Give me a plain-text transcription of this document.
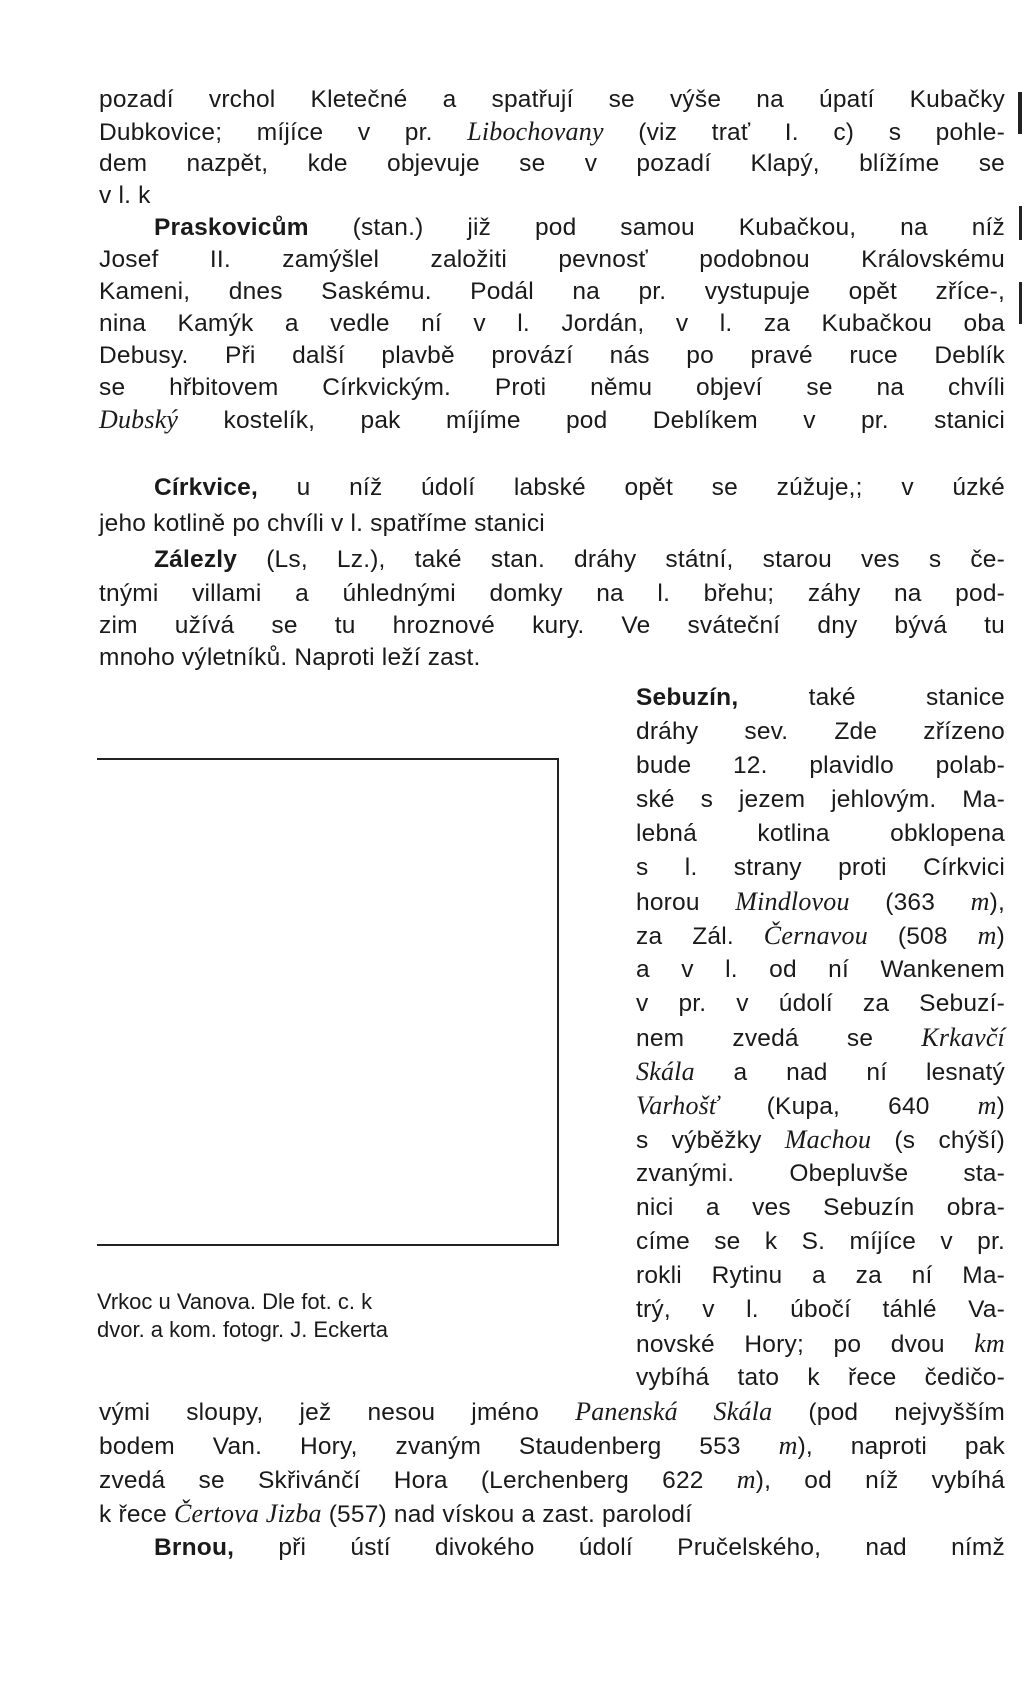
pozadí vrchol Kletečné a spatřují se výše na úpatí Kubačky
Dubkovice; míjíce v pr. Libochovany (viz trať I. c) s pohle-
dem nazpět, kde objevuje se v pozadí Klapý, blížíme se
v l. k
Praskovicům (stan.) již pod samou Kubačkou, na níž
Josef II. zamýšlel založiti pevnosť podobnou Královskému
Kameni, dnes Saskému. Podál na pr. vystupuje opět zříce-,
nina Kamýk a vedle ní v l. Jordán, v l. za Kubačkou oba
Debusy. Při další plavbě provází nás po pravé ruce Deblík
se hřbitovem Církvickým. Proti němu objeví se na chvíli
Dubský kostelík, pak míjíme pod Deblíkem v pr. stanici
Církvice, u níž údolí labské opět se zúžuje,; v úzké
jeho kotlině po chvíli v l. spatříme stanici
Zálezly (Ls, Lz.), také stan. dráhy státní, starou ves s če-
tnými villami a úhlednými domky na l. břehu; záhy na pod-
zim užívá se tu hroznové kury. Ve sváteční dny bývá tu
mnoho výletníků. Naproti leží zast.
Sebuzín, také stanice
dráhy sev. Zde zřízeno
bude 12. plavidlo polab-
ské s jezem jehlovým. Ma-
lebná kotlina obklopena
s l. strany proti Církvici
horou Mindlovou (363 m),
za Zál. Černavou (508 m)
a v l. od ní Wankenem
v pr. v údolí za Sebuzí-
nem zvedá se Krkavčí
Skála a nad ní lesnatý
Varhošť (Kupa, 640 m)
s výběžky Machou (s chýší)
zvanými. Obepluvše sta-
nici a ves Sebuzín obra-
címe se k S. míjíce v pr.
rokli Rytinu a za ní Ma-
trý, v l. úbočí táhlé Va-
novské Hory; po dvou km
vybíhá tato k řece čedičo-
vými sloupy, jež nesou jméno Panenská Skála (pod nejvyšším
bodem Van. Hory, zvaným Staudenberg 553 m), naproti pak
zvedá se Skřivánčí Hora (Lerchenberg 622 m), od níž vybíhá
k řece Čertova Jizba (557) nad vískou a zast. parolodí
Brnou, při ústí divokého údolí Pručelského, nad nímž
Vrkoc u Vanova. Dle fot. c. k
dvor. a kom. fotogr. J. Eckerta
